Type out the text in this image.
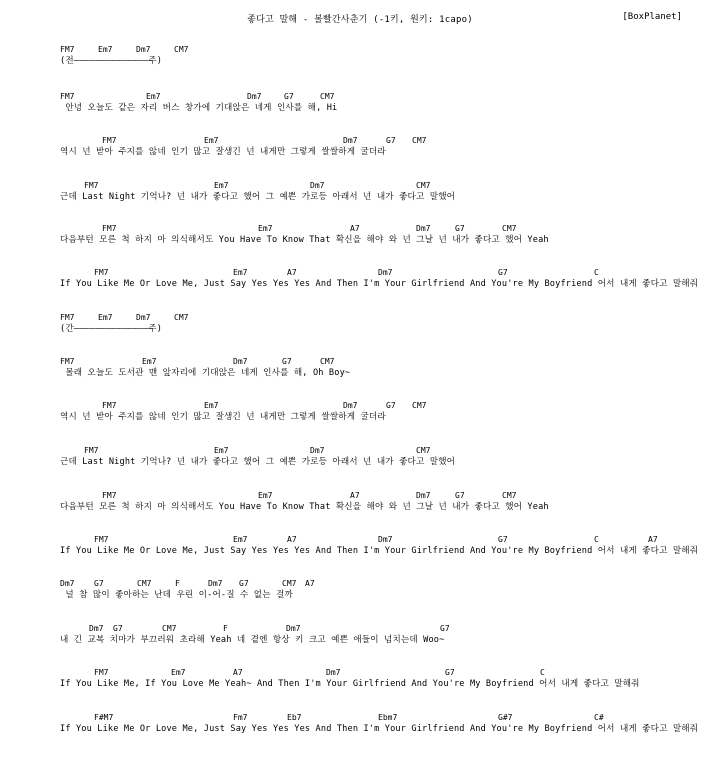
좋다고 말해 - 볼빨간사춘기 (-1키, 원키: 1capo)	[BoxPlanet]
FM7	Em7	Dm7	CM7
(전——————————————주)
FM7	Em7	Dm7	G7	CM7
안녕 오늘도 같은 자리 버스 창가에 기대앉은 네게 인사를 해, Hi
FM7	Em7	Dm7	G7 CM7
역시 넌 받아 주지를 않네 인기 많고 잘생긴 넌 내게만 그렇게 쌀쌀하게 굴더라
FM7	Em7	Dm7	CM7
근데 Last Night 기억나? 넌 내가 좋다고 했어 그 예쁜 가로등 아래서 넌 내가 좋다고 말했어
FM7	Em7	A7	Dm7	G7	CM7
다음부턴 모른 척 하지 마 의식해서도 You Have To Know That 확신을 해야 와 넌 그날 넌 내가 좋다고 했어 Yeah
FM7	Em7	A7	Dm7	G7	C
If You Like Me Or Love Me, Just Say Yes Yes Yes And Then I'm Your Girlfriend And You're My Boyfriend 어서 내게 좋다고 말해줘
FM7	Em7	Dm7	CM7
(간——————————————주)
FM7	Em7	Dm7	G7	CM7
몰래 오늘도 도서관 맨 앞자리에 기대앉은 네게 인사를 해, Oh Boy~
FM7	Em7	Dm7	G7 CM7
역시 넌 받아 주지를 않네 인기 많고 잘생긴 넌 내게만 그렇게 쌀쌀하게 굴더라
FM7	Em7	Dm7	CM7
근데 Last Night 기억나? 넌 내가 좋다고 했어 그 예쁜 가로등 아래서 넌 내가 좋다고 말했어
FM7	Em7	A7	Dm7	G7	CM7
다음부턴 모른 척 하지 마 의식해서도 You Have To Know That 확신을 해야 와 넌 그날 넌 내가 좋다고 했어 Yeah
FM7	Em7	A7	Dm7	G7	C	A7
If You Like Me Or Love Me, Just Say Yes Yes Yes And Then I'm Your Girlfriend And You're My Boyfriend 어서 내게 좋다고 말해줘
Dm7 G7	CM7	F	Dm7 G7	CM7 A7
널 참 많이 좋아하는 난데 우린 이-어-질 수 없는 걸까
Dm7 G7	CM7	F	Dm7	G7
내 긴 교복 치마가 부끄러워 초라해 Yeah 네 곁엔 항상 키 크고 예쁜 애들이 넘치는데 Woo~
FM7	Em7	A7	Dm7	G7	C
If You Like Me, If You Love Me Yeah~ And Then I'm Your Girlfriend And You're My Boyfriend 어서 내게 좋다고 말해줘
F#M7	Fm7	Eb7	Ebm7	G#7	C#
If You Like Me Or Love Me, Just Say Yes Yes Yes And Then I'm Your Girlfriend And You're My Boyfriend 어서 내게 좋다고 말해줘
